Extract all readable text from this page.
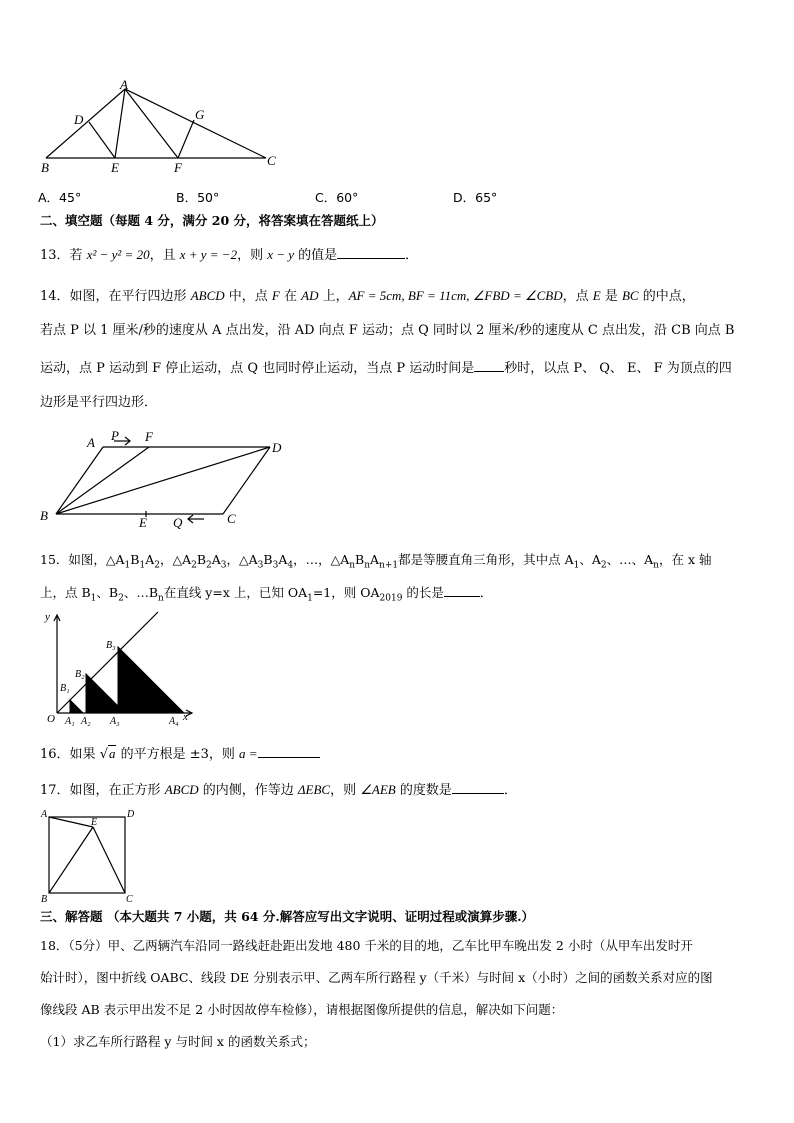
A
D	G
B	E	F	C
A．45°	B．50°	C．60°	D．65°
二、填空题（每题 4 分，满分 20 分，将答案填在答题纸上）
13．若 x² − y² = 20，且 x + y = −2，则 x − y 的值是	．
14．如图，在平行四边形 ABCD 中，点 F 在 AD 上，AF = 5cm, BF = 11cm, ∠FBD = ∠CBD，点 E 是 BC 的中点，
若点 P 以 1 厘米/秒的速度从 A 点出发，沿 AD 向点 F 运动；点 Q 同时以 2 厘米/秒的速度从 C 点出发，沿 CB 向点 B
运动，点 P 运动到 F 停止运动，点 Q 也同时停止运动，当点 P 运动时间是 秒时，以点 P、 Q、 E、 F 为顶点的四
边形是平行四边形．
A P F
D
B	E Q	C
15．如图，$\triangle A_1B_1A_2$，$\triangle A_2B_2A_3$，$\triangle A_3B_3A_4$，…，$\triangle A_nB_nA_{n+1}$都是等腰直角三角形，其中点 $A_1$、$A_2$、…、$A_n$，在 x 轴
上，点 $B_1$、$B_2$、$\dots B_n$在直线 y=x 上，已知 $OA_1=1$，则 $OA_{2019}$ 的长是	．
y
x
O A₁ A₂ A₃	A₄
B₁
B₂
B₃
16．如果 √a 的平方根是 ±3，则 a =
17．如图，在正方形 ABCD 的内侧，作等边 ΔEBC，则 ∠AEB 的度数是	．
A	D
E
B	C
三、解答题 （本大题共 7 小题，共 64 分.解答应写出文字说明、证明过程或演算步骤.）
18．（5分）甲、乙两辆汽车沿同一路线赶赴距出发地 480 千米的目的地，乙车比甲车晚出发 2 小时（从甲车出发时开
始计时），图中折线 OABC、线段 DE 分别表示甲、乙两车所行路程 y（千米）与时间 x（小时）之间的函数关系对应的图
像线段 AB 表示甲出发不足 2 小时因故停车检修），请根据图像所提供的信息，解决如下问题：
（1）求乙车所行路程 y 与时间 x 的函数关系式；
